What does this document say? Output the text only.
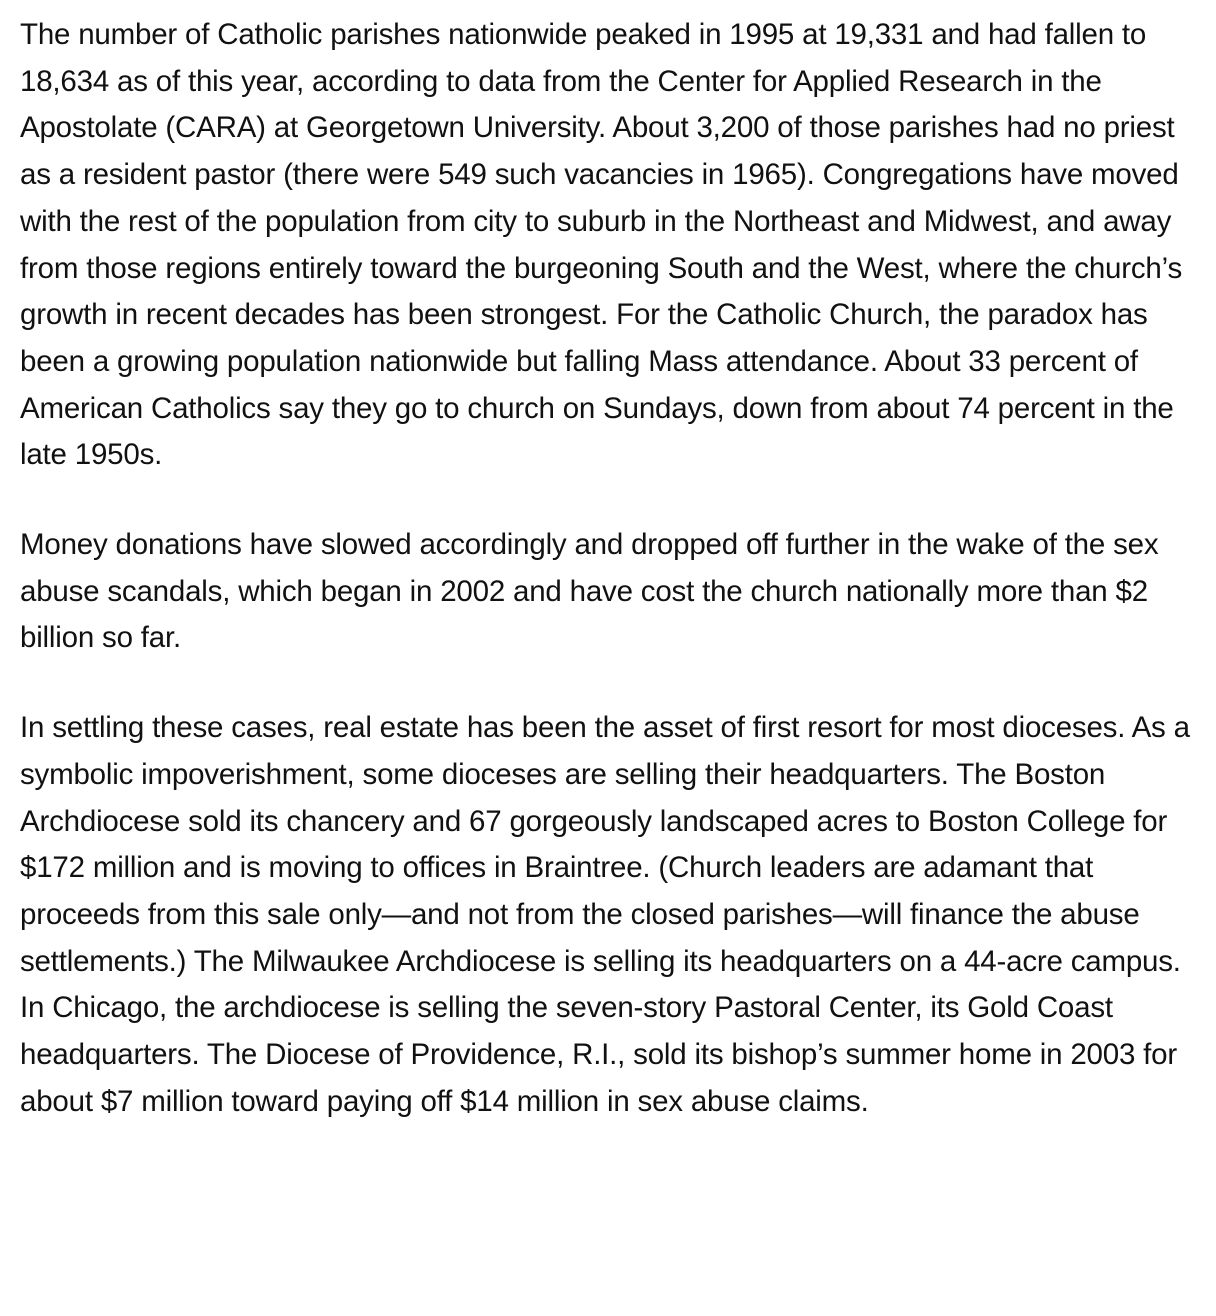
The number of Catholic parishes nationwide peaked in 1995 at 19,331 and had fallen to 18,634 as of this year, according to data from the Center for Applied Research in the Apostolate (CARA) at Georgetown University. About 3,200 of those parishes had no priest as a resident pastor (there were 549 such vacancies in 1965). Congregations have moved with the rest of the population from city to suburb in the Northeast and Midwest, and away from those regions entirely toward the burgeoning South and the West, where the church’s growth in recent decades has been strongest. For the Catholic Church, the paradox has been a growing population nationwide but falling Mass attendance. About 33 percent of American Catholics say they go to church on Sundays, down from about 74 percent in the late 1950s.

Money donations have slowed accordingly and dropped off further in the wake of the sex abuse scandals, which began in 2002 and have cost the church nationally more than $2 billion so far.

In settling these cases, real estate has been the asset of first resort for most dioceses. As a symbolic impoverishment, some dioceses are selling their headquarters. The Boston Archdiocese sold its chancery and 67 gorgeously landscaped acres to Boston College for $172 million and is moving to offices in Braintree. (Church leaders are adamant that proceeds from this sale only—and not from the closed parishes—will finance the abuse settlements.) The Milwaukee Archdiocese is selling its headquarters on a 44-acre campus. In Chicago, the archdiocese is selling the seven-story Pastoral Center, its Gold Coast headquarters. The Diocese of Providence, R.I., sold its bishop’s summer home in 2003 for about $7 million toward paying off $14 million in sex abuse claims.
